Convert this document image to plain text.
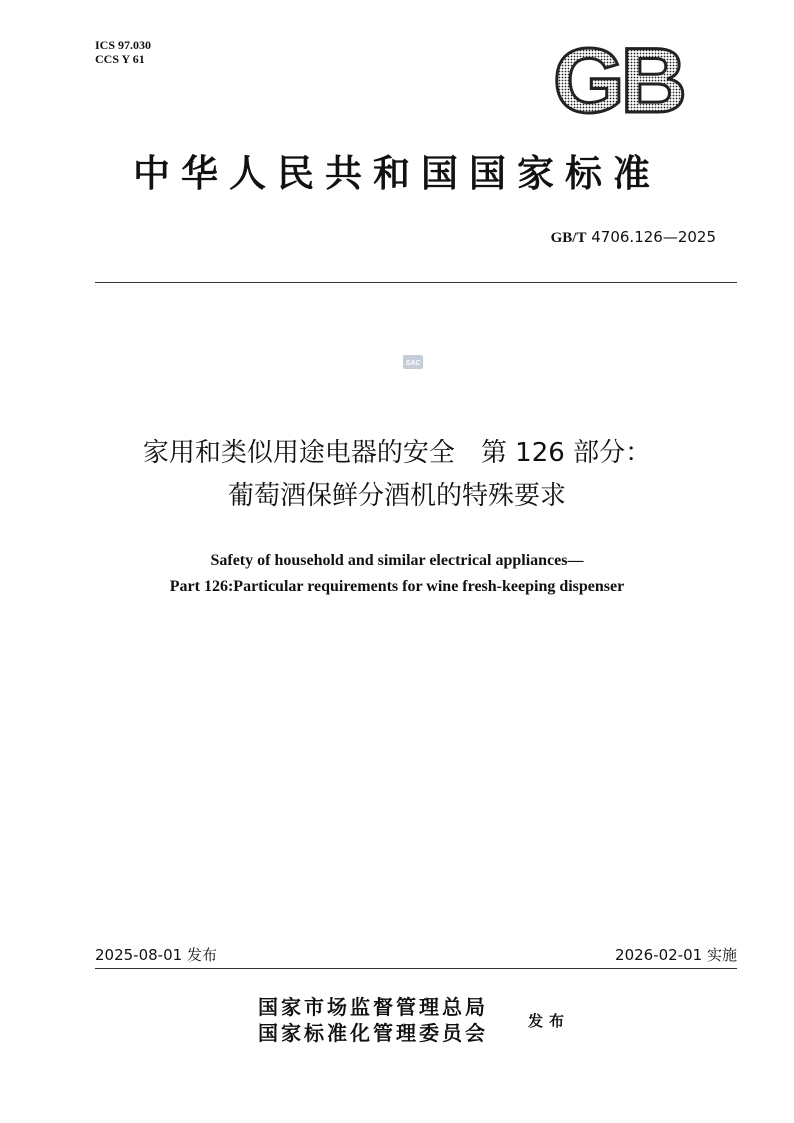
ICS 97.030
CCS Y 61	GB
中华人民共和国国家标准
GB/T 4706.126—2025
SAC
家用和类似用途电器的安全　第 126 部分：
葡萄酒保鲜分酒机的特殊要求
Safety of household and similar electrical appliances—
Part 126:Particular requirements for wine fresh-keeping dispenser
2025-08-01 发布	2026-02-01 实施
国家市场监督管理总局
国家标准化管理委员会	发布
